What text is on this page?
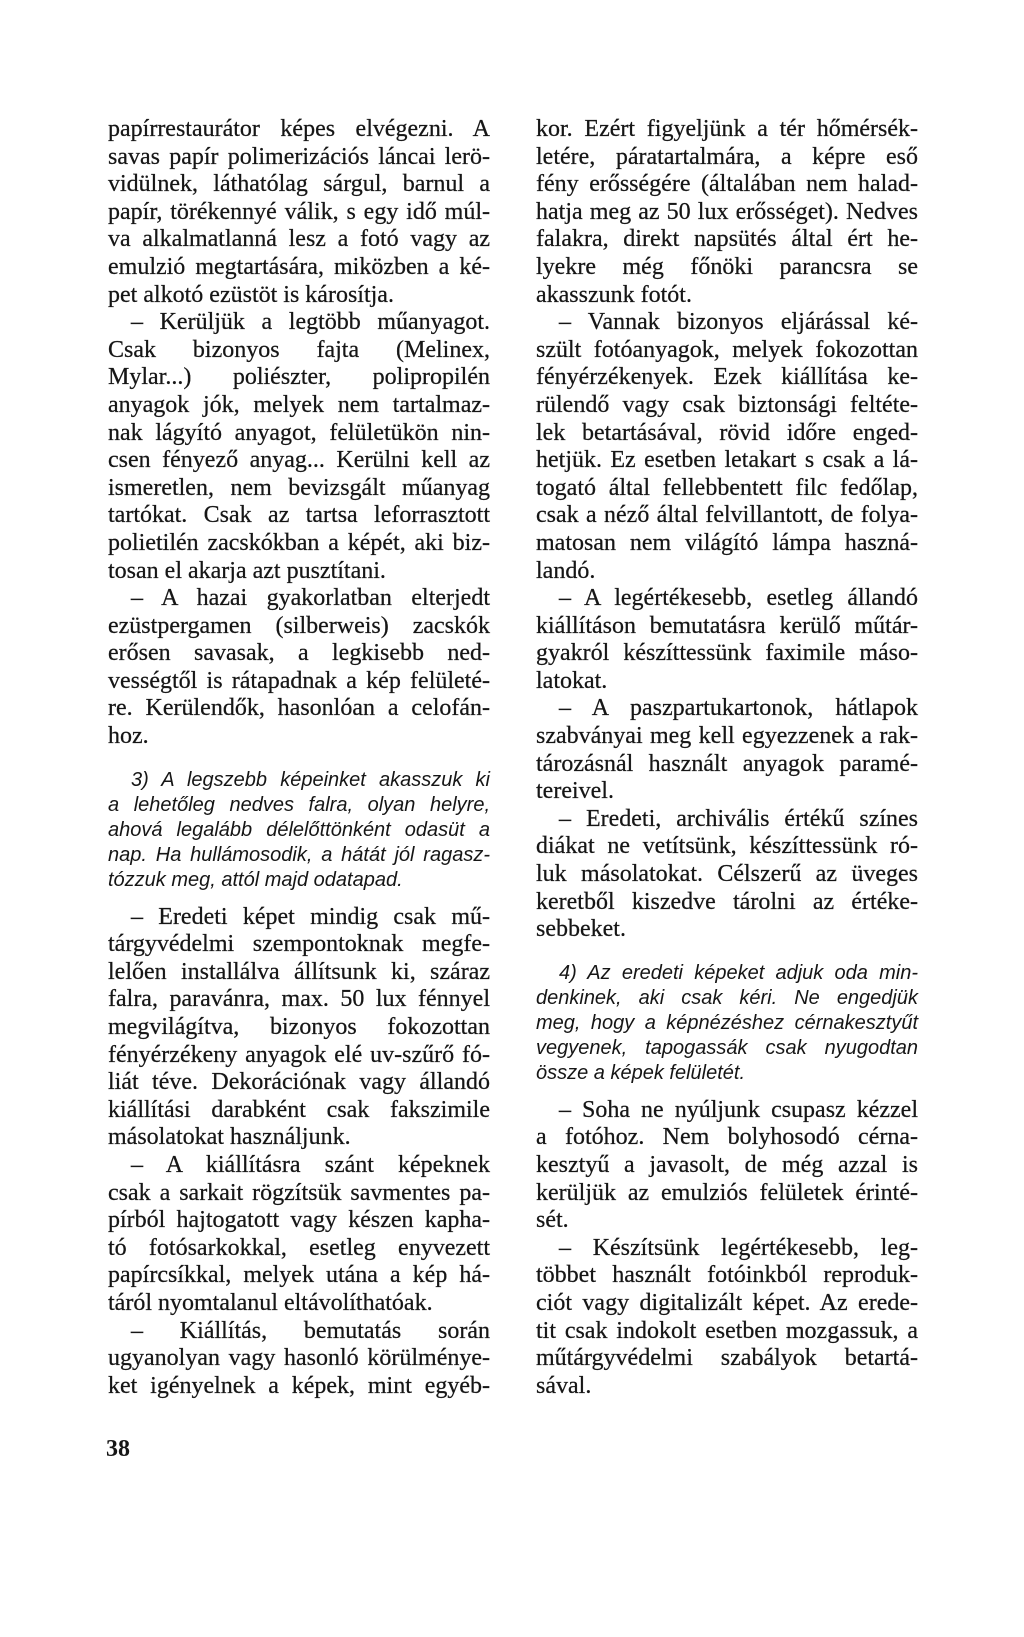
papírrestaurátor képes elvégezni. A
savas papír polimerizációs láncai lerö-
vidülnek, láthatólag sárgul, barnul a
papír, törékennyé válik, s egy idő múl-
va alkalmatlanná lesz a fotó vagy az
emulzió megtartására, miközben a ké-
pet alkotó ezüstöt is károsítja.
– Kerüljük a legtöbb műanyagot.
Csak bizonyos fajta (Melinex,
Mylar...) poliészter, polipropilén
anyagok jók, melyek nem tartalmaz-
nak lágyító anyagot, felületükön nin-
csen fényező anyag... Kerülni kell az
ismeretlen, nem bevizsgált műanyag
tartókat. Csak az tartsa leforrasztott
polietilén zacskókban a képét, aki biz-
tosan el akarja azt pusztítani.
– A hazai gyakorlatban elterjedt
ezüstpergamen (silberweis) zacskók
erősen savasak, a legkisebb ned-
vességtől is rátapadnak a kép felületé-
re. Kerülendők, hasonlóan a celofán-
hoz.
3) A legszebb képeinket akasszuk ki
a lehetőleg nedves falra, olyan helyre,
ahová legalább délelőttönként odasüt a
nap. Ha hullámosodik, a hátát jól ragasz-
tózzuk meg, attól majd odatapad.
– Eredeti képet mindig csak mű-
tárgyvédelmi szempontoknak megfe-
lelően installálva állítsunk ki, száraz
falra, paravánra, max. 50 lux fénnyel
megvilágítva, bizonyos fokozottan
fényérzékeny anyagok elé uv-szűrő fó-
liát téve. Dekorációnak vagy állandó
kiállítási darabként csak fakszimile
másolatokat használjunk.
– A kiállításra szánt képeknek
csak a sarkait rögzítsük savmentes pa-
pírból hajtogatott vagy készen kapha-
tó fotósarkokkal, esetleg enyvezett
papírcsíkkal, melyek utána a kép há-
táról nyomtalanul eltávolíthatóak.
– Kiállítás, bemutatás során
ugyanolyan vagy hasonló körülménye-
ket igényelnek a képek, mint egyéb-
kor. Ezért figyeljünk a tér hőmérsék-
letére, páratartalmára, a képre eső
fény erősségére (általában nem halad-
hatja meg az 50 lux erősséget). Nedves
falakra, direkt napsütés által ért he-
lyekre még főnöki parancsra se
akasszunk fotót.
– Vannak bizonyos eljárással ké-
szült fotóanyagok, melyek fokozottan
fényérzékenyek. Ezek kiállítása ke-
rülendő vagy csak biztonsági feltéte-
lek betartásával, rövid időre enged-
hetjük. Ez esetben letakart s csak a lá-
togató által fellebbentett filc fedőlap,
csak a néző által felvillantott, de folya-
matosan nem világító lámpa haszná-
landó.
– A legértékesebb, esetleg állandó
kiállításon bemutatásra kerülő műtár-
gyakról készíttessünk faximile máso-
latokat.
– A paszpartukartonok, hátlapok
szabványai meg kell egyezzenek a rak-
tározásnál használt anyagok paramé-
tereivel.
– Eredeti, archivális értékű színes
diákat ne vetítsünk, készíttessünk ró-
luk másolatokat. Célszerű az üveges
keretből kiszedve tárolni az értéke-
sebbeket.
4) Az eredeti képeket adjuk oda min-
denkinek, aki csak kéri. Ne engedjük
meg, hogy a képnézéshez cérnakesztyűt
vegyenek, tapogassák csak nyugodtan
össze a képek felületét.
– Soha ne nyúljunk csupasz kézzel
a fotóhoz. Nem bolyhosodó cérna-
kesztyű a javasolt, de még azzal is
kerüljük az emulziós felületek érinté-
sét.
– Készítsünk legértékesebb, leg-
többet használt fotóinkból reproduk-
ciót vagy digitalizált képet. Az erede-
tit csak indokolt esetben mozgassuk, a
műtárgyvédelmi szabályok betartá-
sával.
38
